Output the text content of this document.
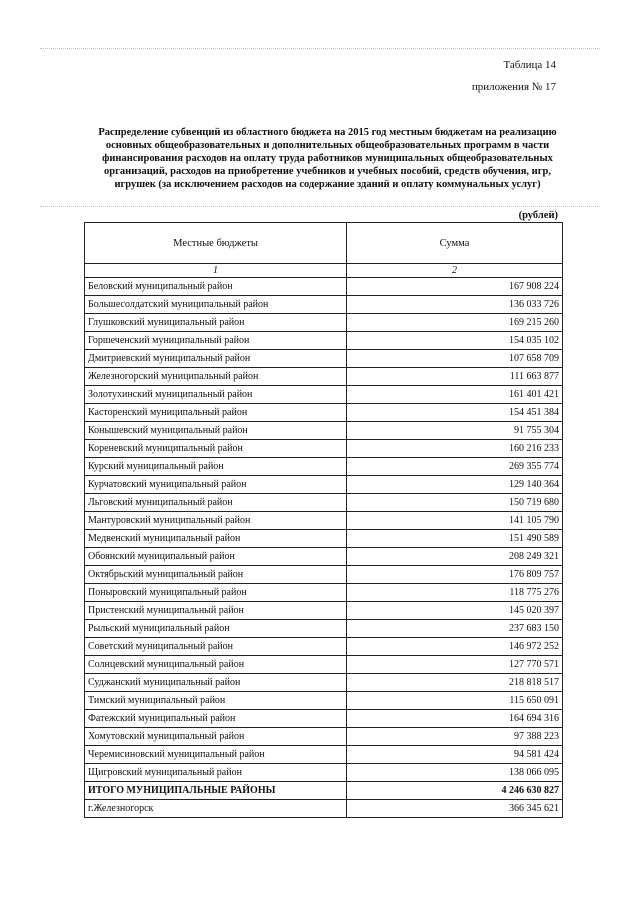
Таблица 14
приложения № 17
Распределение субвенций из областного бюджета на 2015 год местным бюджетам на реализацию основных общеобразовательных и дополнительных общеобразовательных программ в части финансирования расходов на оплату труда работников муниципальных общеобразовательных организаций, расходов на приобретение учебников и учебных пособий, средств обучения, игр, игрушек (за исключением расходов на содержание зданий и оплату коммунальных услуг)
(рублей)
Местные бюджеты	Сумма
1	2
Беловский муниципальный район	167 908 224
Большесолдатский муниципальный район	136 033 726
Глушковский муниципальный район	169 215 260
Горшеченский муниципальный район	154 035 102
Дмитриевский муниципальный район	107 658 709
Железногорский муниципальный район	111 663 877
Золотухинский муниципальный район	161 401 421
Касторенский муниципальный район	154 451 384
Конышевский муниципальный район	91 755 304
Кореневский муниципальный район	160 216 233
Курский муниципальный район	269 355 774
Курчатовский муниципальный район	129 140 364
Льговский муниципальный район	150 719 680
Мантуровский муниципальный район	141 105 790
Медвенский муниципальный район	151 490 589
Обоянский муниципальный район	208 249 321
Октябрьский муниципальный район	176 809 757
Поныровский муниципальный район	118 775 276
Пристенский муниципальный район	145 020 397
Рыльский муниципальный район	237 683 150
Советский муниципальный район	146 972 252
Солнцевский муниципальный район	127 770 571
Суджанский муниципальный район	218 818 517
Тимский муниципальный район	115 650 091
Фатежский муниципальный район	164 694 316
Хомутовский муниципальный район	97 388 223
Черемисиновский муниципальный район	94 581 424
Щигровский муниципальный район	138 066 095
ИТОГО МУНИЦИПАЛЬНЫЕ РАЙОНЫ	4 246 630 827
г.Железногорск	366 345 621
